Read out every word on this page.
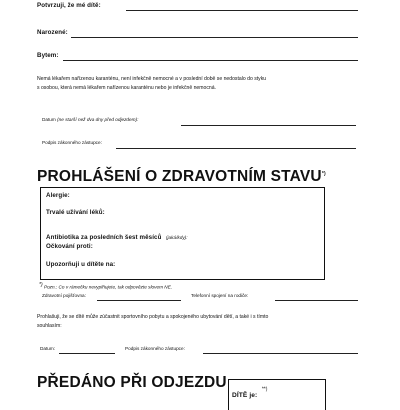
Potvrzuji, že mé dítě:
Narozené:
Bytem:
Nemá lékařem nařízenou karanténu, není infekčně nemocné a v poslední době se nedostalo do styku
s osobou, která nemá lékařem nařízenou karanténu nebo je infekčně nemocná.
Datum (ne starší než dva dny před odjezdem):
Podpis zákonného zástupce:
PROHLÁŠENÍ O ZDRAVOTNÍM STAVU*)
Alergie:
Trvalé užívání léků:
Antibiotika za posledních šest měsíců (jaká/kdy):
Očkování proti:
Upozorňuji u dítěte na:
*) Pozn.: Co v rámečku nevyplňujete, tak odpovězte slovem NE.
Zdravotní pojišťovna:	Telefonní spojení na rodiče:
Prohlašuji, že se dítě může zúčastnit sportovního pobytu a spokojeného ubytování dětí, a také i s tímto
souhlasím:
Datum:	Podpis zákonného zástupce:
PŘEDÁNO PŘI ODJEZDU
DÍTĚ je: **)
